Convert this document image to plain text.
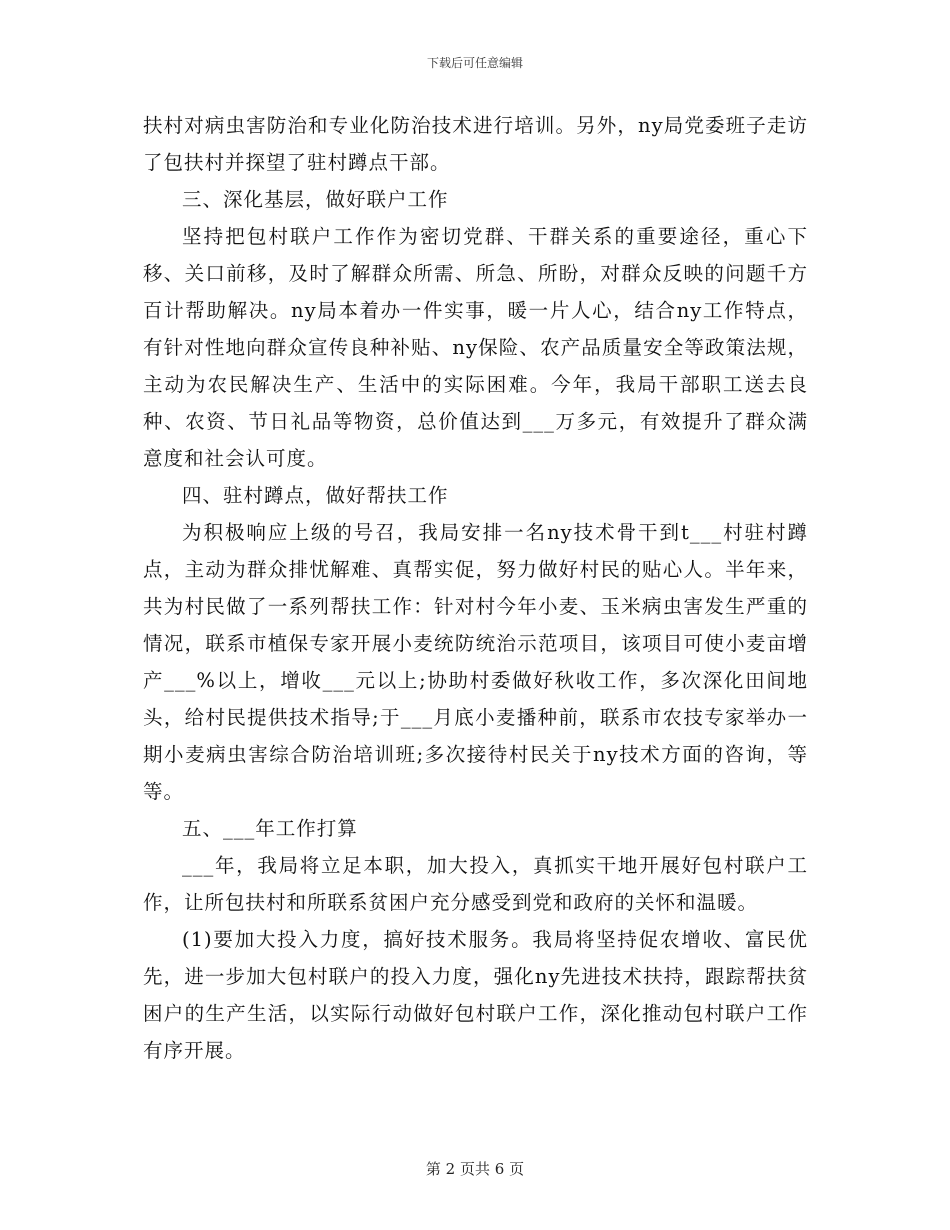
下载后可任意编辑

扶村对病虫害防治和专业化防治技术进行培训。另外，ny局党委班子走访了包扶村并探望了驻村蹲点干部。

三、深化基层，做好联户工作

坚持把包村联户工作作为密切党群、干群关系的重要途径，重心下移、关口前移，及时了解群众所需、所急、所盼，对群众反映的问题千方百计帮助解决。ny局本着办一件实事，暖一片人心，结合ny工作特点，有针对性地向群众宣传良种补贴、ny保险、农产品质量安全等政策法规，主动为农民解决生产、生活中的实际困难。今年，我局干部职工送去良种、农资、节日礼品等物资，总价值达到___万多元，有效提升了群众满意度和社会认可度。

四、驻村蹲点，做好帮扶工作

为积极响应上级的号召，我局安排一名ny技术骨干到t___村驻村蹲点，主动为群众排忧解难、真帮实促，努力做好村民的贴心人。半年来，共为村民做了一系列帮扶工作：针对村今年小麦、玉米病虫害发生严重的情况，联系市植保专家开展小麦统防统治示范项目，该项目可使小麦亩增产___%以上，增收___元以上;协助村委做好秋收工作，多次深化田间地头，给村民提供技术指导;于___月底小麦播种前，联系市农技专家举办一期小麦病虫害综合防治培训班;多次接待村民关于ny技术方面的咨询，等等。

五、___年工作打算

___年，我局将立足本职，加大投入，真抓实干地开展好包村联户工作，让所包扶村和所联系贫困户充分感受到党和政府的关怀和温暖。

(1)要加大投入力度，搞好技术服务。我局将坚持促农增收、富民优先，进一步加大包村联户的投入力度，强化ny先进技术扶持，跟踪帮扶贫困户的生产生活，以实际行动做好包村联户工作，深化推动包村联户工作有序开展。

第 2 页共 6 页
